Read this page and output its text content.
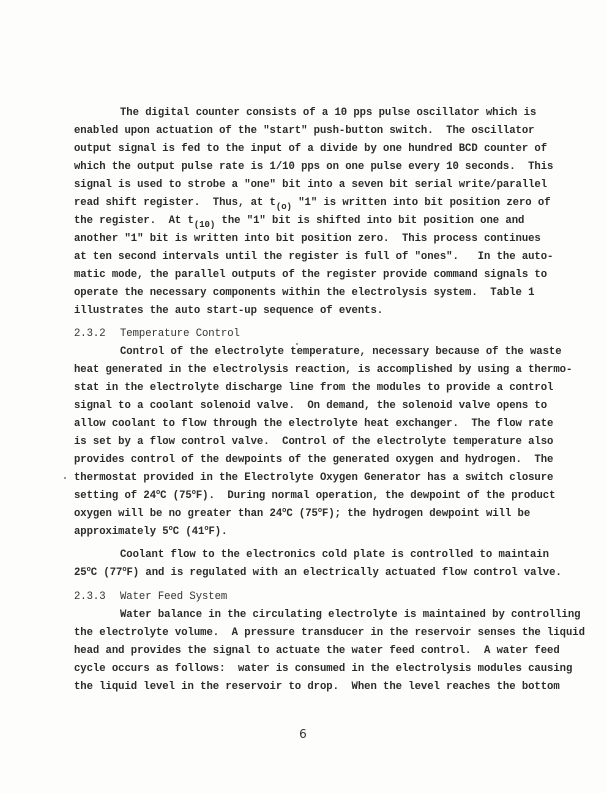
The digital counter consists of a 10 pps pulse oscillator which is
enabled upon actuation of the "start" push-button switch.  The oscillator
output signal is fed to the input of a divide by one hundred BCD counter of
which the output pulse rate is 1/10 pps on one pulse every 10 seconds.  This
signal is used to strobe a "one" bit into a seven bit serial write/parallel
read shift register.  Thus, at $t_{(o)}$ "1" is written into bit position zero of
the register.  At $t_{(10)}$ the "1" bit is shifted into bit position one and
another "1" bit is written into bit position zero.  This process continues
at ten second intervals until the register is full of "ones".   In the auto-
matic mode, the parallel outputs of the register provide command signals to
operate the necessary components within the electrolysis system.  Table 1
illustrates the auto start-up sequence of events.
2.3.2 Temperature Control
Control of the electrolyte temperature, necessary because of the waste
heat generated in the electrolysis reaction, is accomplished by using a thermo-
stat in the electrolyte discharge line from the modules to provide a control
signal to a coolant solenoid valve.  On demand, the solenoid valve opens to
allow coolant to flow through the electrolyte heat exchanger.  The flow rate
is set by a flow control valve.  Control of the electrolyte temperature also
provides control of the dewpoints of the generated oxygen and hydrogen.  The
thermostat provided in the Electrolyte Oxygen Generator has a switch closure
setting of 24$^o$C (75$^o$F).  During normal operation, the dewpoint of the product
oxygen will be no greater than 24$^o$C (75$^o$F); the hydrogen dewpoint will be
approximately 5$^o$C (41$^o$F).
Coolant flow to the electronics cold plate is controlled to maintain
25$^o$C (77$^o$F) and is regulated with an electrically actuated flow control valve.
2.3.3 Water Feed System
Water balance in the circulating electrolyte is maintained by controlling
the electrolyte volume.  A pressure transducer in the reservoir senses the liquid
head and provides the signal to actuate the water feed control.  A water feed
cycle occurs as follows:  water is consumed in the electrolysis modules causing
the liquid level in the reservoir to drop.  When the level reaches the bottom
6
